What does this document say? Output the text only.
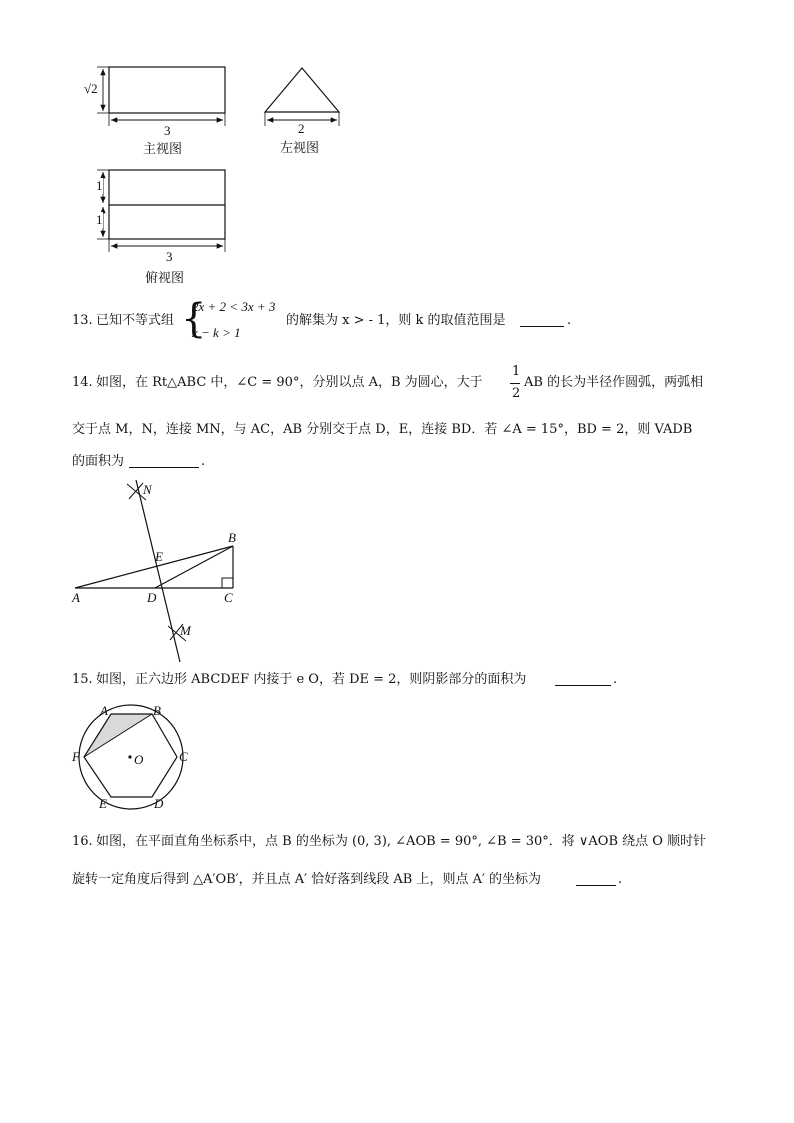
√2
3
主视图
2
左视图
1
1
3
俯视图
13. 已知不等式组 {
2x + 2 < 3x + 3
x − k > 1
的解集为 x > - 1，则 k 的取值范围是	.
14. 如图，在 Rt△ABC 中，∠C = 90°，分别以点 A，B 为圆心，大于
1
2
AB 的长为半径作圆弧，两弧相
交于点 M，N，连接 MN，与 AC，AB 分别交于点 D，E，连接 BD．若 ∠A = 15°，BD = 2，则 VADB
的面积为	.
N
B
E
A	D	C
M
15. 如图，正六边形 ABCDEF 内接于 e O，若 DE = 2，则阴影部分的面积为	.
A	B
F	O	C
E	D
16. 如图，在平面直角坐标系中，点 B 的坐标为 (0, 3), ∠AOB = 90°, ∠B = 30°．将 ∨AOB 绕点 O 顺时针
旋转一定角度后得到 △A′OB′，并且点 A′ 恰好落到线段 AB 上，则点 A′ 的坐标为	.
